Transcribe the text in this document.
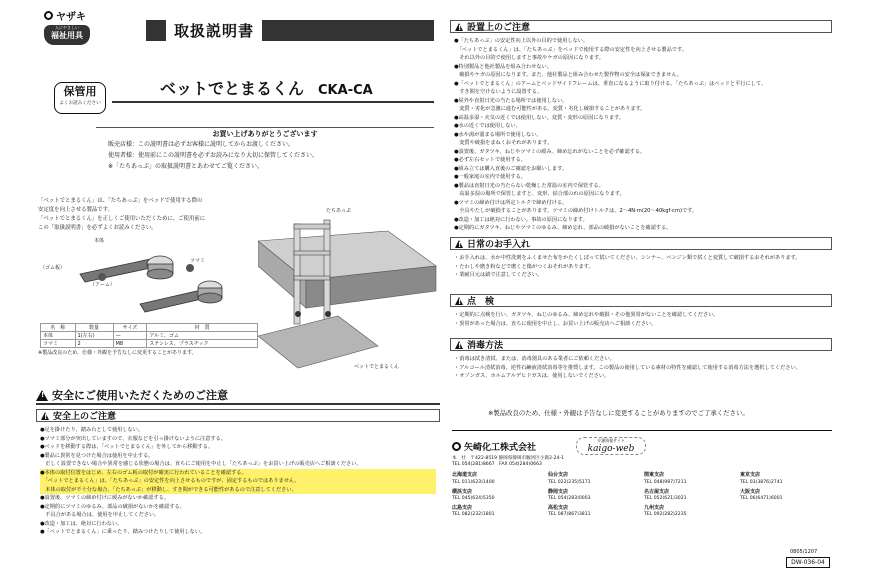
ヤザキ
人にやさしい
福祉用具	取扱説明書
保管用
よくお読みください
ベットでとまるくん CKA-CA
お買い上げありがとうございます
販売店様：この説明書は必ずお客様に説明してからお渡しください。
使用者様：使用前にこの説明書を必ずお読みになり大切に保管してください。
※「たちあっぷ」の取扱説明書とあわせてご覧ください。
「ベットでとまるくん」は、「たちあっぷ」をベッドで使用する際の
安定度を向上させる製品です。
「ベットでとまるくん」を正しくご使用いただくために、ご使用前に
この「取扱説明書」を必ずよくお読みください。
本体
（ゴム板）
（アーム）
ツマミ
名　称	数量	サイズ	材　質
本体	1(左右)	—	アルミ、ゴム
ツマミ	2	M8	ステンレス、プラスチック
※製品改良のため、仕様・外観を予告なしに変更することがあります。
たちあっぷ
ベットでとまるくん
!
安全にご使用いただくためのご注意
!
安全上のご注意
●足を掛けたり、踏み台として使用しない。
●ツマミ部分が突出していますので、衣服などを引っ掛けないように注意する。
●ベッドを移動する際は、「ベットでとまるくん」を外してから移動する。
●製品に異常を見つけた場合は使用を中止する。
　正しく設置できない場合や異常を感じる状態の場合は、直ちにご使用を中止し「たちあっぷ」をお買い上げの販売店へご相談ください。
●本体の取付位置をはじめ、左右のゴム板の取付が確実に行われていることを確認する。
　「ベットでとまるくん」は、「たちあっぷ」の安定性を向上させるものですが、固定するものではありません。
　本体の取付が不十分な場合、「たちあっぷ」が移動し、すき間ができる可能性があるので注意してください。
●設置後、ツマミの締め付けに緩みがないか確認する。
●定期的にツマミのゆるみ、部品の破損がないかを確認する。
　不具合がある場合は、使用を中止してください。
●改造・加工は、絶対に行わない。
●「ベットでとまるくん」に乗ったり、踏みつけたりして使用しない。
!
設置上のご注意
●「たちあっぷ」の安定性向上以外の目的で使用しない。
　「ベットでとまるくん」は、「たちあっぷ」をベッドで使用する際の安定性を向上させる製品です。
　それ以外の目的で使用しますと事故やケガの原因になります。
●特別製品と他社製品を組み合わせない。
　破損やケガの原因になります。また、他社製品と組み合わせた製作物の安全は保証できません。
●「ベットでとまるくん」のアームとベッドサイドフレームは、垂直になるように取り付ける。「たちあっぷ」はベッドと平行にして、
　すき間を空けないように設置する。
●屋外や直射日光の当たる場所では使用しない。
　変質・劣化が急激に進む可能性がある。変質・劣化し破損することがあります。
●高温多湿・火気の近くでは使用しない。変質・変形の原因になります。
●水の近くでは使用しない。
●水や湯が溜まる場所で使用しない。
　変質や破損をまねくおそれがあります。
●設置後、ガタツキ、ねじやツマミの緩み、締め忘れがないことを必ず確認する。
●必ず左右セットで使用する。
●組み立ては購入直後のご確認をお願いします。
●一般家庭の室内で使用する。
●製品は直射日光の当たらない乾燥した常温の室内で保管する。
　高温多湿の場所で保管しますと、変形、結合部のれの原因になります。
●ツマミの締め付けは所定トルクで締め付ける。
　全具やたしが破損することがあります。ツマミの締め付けトルクは、2～4N·m(20～40kgf·cm)です。
●改造・加工は絶対に行わない。事故の原因になります。
●定期的にガタツキ、ねじやツマミのゆるみ、締め忘れ、部品の破損がないことを確認する。
!
日常のお手入れ
・お手入れは、水か中性洗剤をふくませた布をかたくしぼって拭いてください。シンナー、ベンジン類で拭くと変質して破損するおそれがあります。
・たわしや磨き粉などで磨くと傷がつくおそれがあります。
・業耐目元は錆で注意してください。
!
点　検
・定期的に点検を行い、ガタツキ、ねじのゆるみ、締め忘れや破損・その他異常がないことを確認してください。
・異常があった場合は、直ちに使用を中止し、お買い上げの販売店へご相談ください。
!
消毒方法
・消毒は拭き清拭、または、消毒器具のある業者にご依頼ください。
・アルコール清拭消毒、逆性石鹸液清拭消毒等を推奨します。この製品の使用している素材の特性を確認して使用する消毒方法を選択してください。
・オゾンガス、ホルムアルデヒドガスは、使用しないでください。
※製品改良のため、仕様・外観は予告なしに変更することがありますのでご了承ください。
矢崎化工株式会社
介護情報サイト
kaigo-web
本　社　〒422-8519 静岡県静岡市駿河区小鹿2-24-1
TEL 054(281)8667　FAX 054(284)0663
北海道支店
TEL 011(623)1400
仙台支店
TEL 022(235)5171
関東支店
TEL 048(987)7211
東京支店
TEL 03(3876)2741
横浜支店
TEL 045(624)5350
静岡支店
TEL 054(283)0003
名古屋支店
TEL 052(621)3021
大阪支店
TEL 06(6471)6001
広島支店
TEL 082(232)1801
高松支店
TEL 087(867)3811
九州支店
TEL 092(282)2235
0805/1207
DW-036-04
